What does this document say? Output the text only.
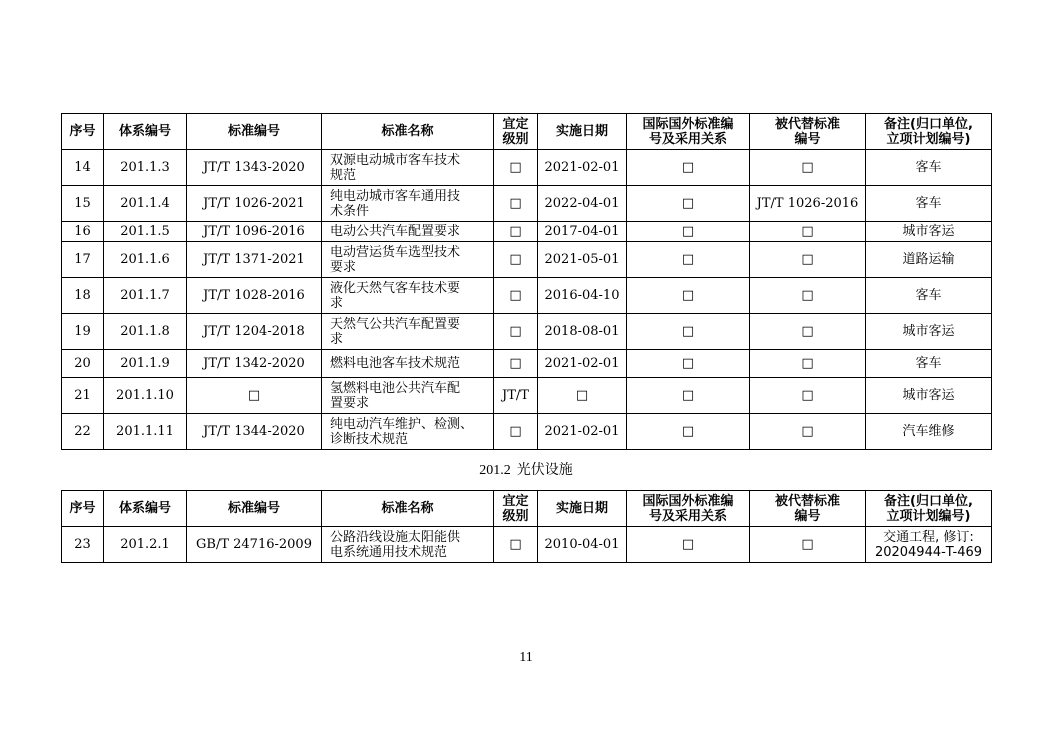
序号	体系编号	标准编号	标准名称	宜定
级别	实施日期	国际国外标准编
号及采用关系	被代替标准
编号	备注(归口单位,
立项计划编号)
14	201.1.3	JT/T 1343-2020	双源电动城市客车技术
规范	□	2021-02-01	□	□	客车
15	201.1.4	JT/T 1026-2021	纯电动城市客车通用技
术条件	□	2022-04-01	□	JT/T 1026-2016	客车
16	201.1.5	JT/T 1096-2016	电动公共汽车配置要求	□	2017-04-01	□	□	城市客运
17	201.1.6	JT/T 1371-2021	电动营运货车选型技术
要求	□	2021-05-01	□	□	道路运输
18	201.1.7	JT/T 1028-2016	液化天然气客车技术要
求	□	2016-04-10	□	□	客车
19	201.1.8	JT/T 1204-2018	天然气公共汽车配置要
求	□	2018-08-01	□	□	城市客运
20	201.1.9	JT/T 1342-2020	燃料电池客车技术规范	□	2021-02-01	□	□	客车
21	201.1.10	□	氢燃料电池公共汽车配
置要求	JT/T	□	□	□	城市客运
22	201.1.11	JT/T 1344-2020	纯电动汽车维护、检测、
诊断技术规范	□	2021-02-01	□	□	汽车维修
201.2 光伏设施
序号	体系编号	标准编号	标准名称	宜定
级别	实施日期	国际国外标准编
号及采用关系	被代替标准
编号	备注(归口单位,
立项计划编号)
23	201.2.1	GB/T 24716-2009	公路沿线设施太阳能供
电系统通用技术规范	□	2010-04-01	□	□	交通工程, 修订:
20204944-T-469
11
